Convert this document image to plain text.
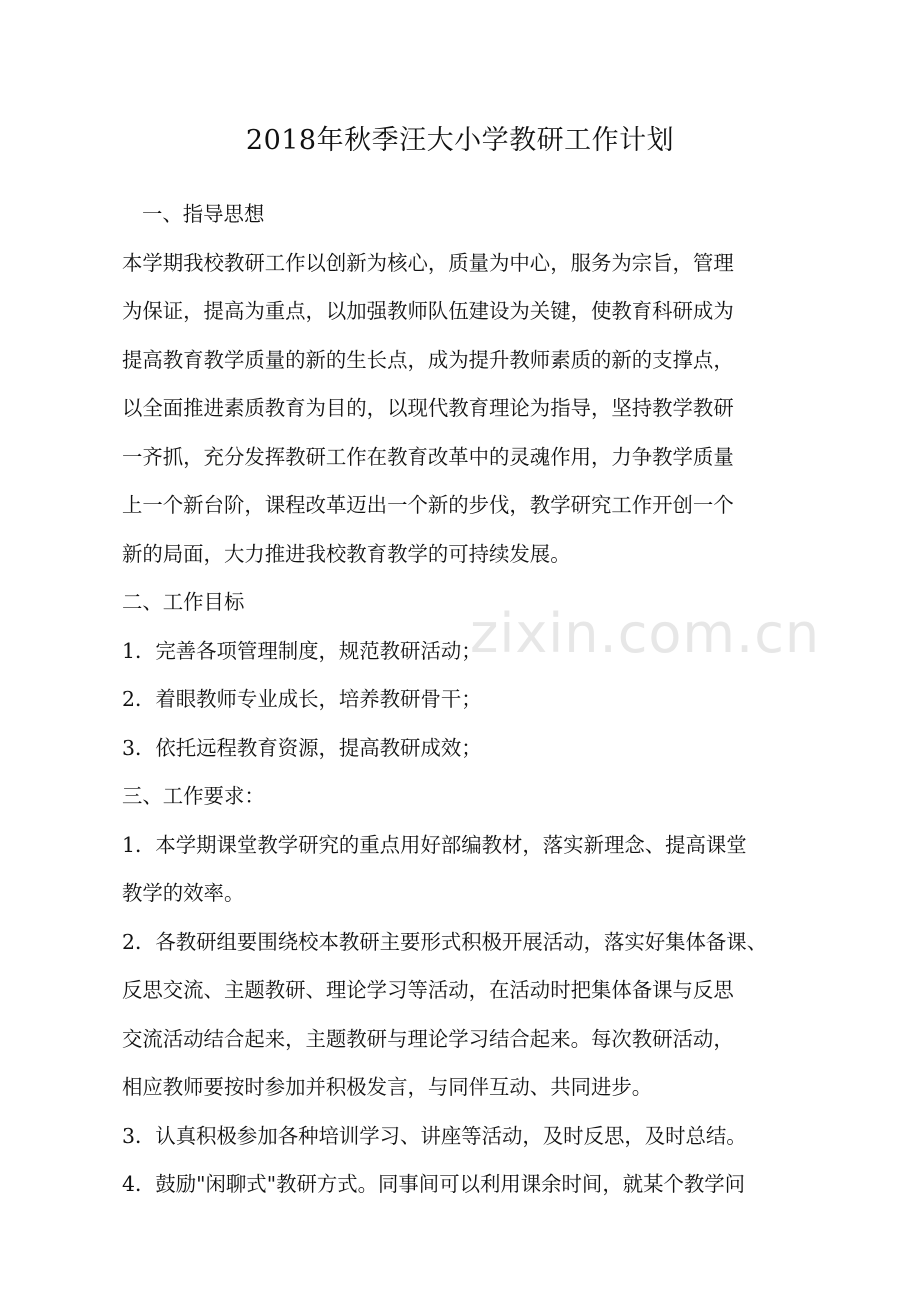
2018年秋季汪大小学教研工作计划
zixin.com.cn
一、指导思想
本学期我校教研工作以创新为核心，质量为中心，服务为宗旨，管理
为保证，提高为重点，以加强教师队伍建设为关键，使教育科研成为
提高教育教学质量的新的生长点，成为提升教师素质的新的支撑点，
以全面推进素质教育为目的，以现代教育理论为指导，坚持教学教研
一齐抓，充分发挥教研工作在教育改革中的灵魂作用，力争教学质量
上一个新台阶，课程改革迈出一个新的步伐，教学研究工作开创一个
新的局面，大力推进我校教育教学的可持续发展。
二、工作目标
1．完善各项管理制度，规范教研活动；
2．着眼教师专业成长，培养教研骨干；
3．依托远程教育资源，提高教研成效；
三、工作要求：
1．本学期课堂教学研究的重点用好部编教材，落实新理念、提高课堂
教学的效率。
2．各教研组要围绕校本教研主要形式积极开展活动，落实好集体备课、
反思交流、主题教研、理论学习等活动，在活动时把集体备课与反思
交流活动结合起来，主题教研与理论学习结合起来。每次教研活动，
相应教师要按时参加并积极发言，与同伴互动、共同进步。
3．认真积极参加各种培训学习、讲座等活动，及时反思，及时总结。
4．鼓励"闲聊式"教研方式。同事间可以利用课余时间，就某个教学问
